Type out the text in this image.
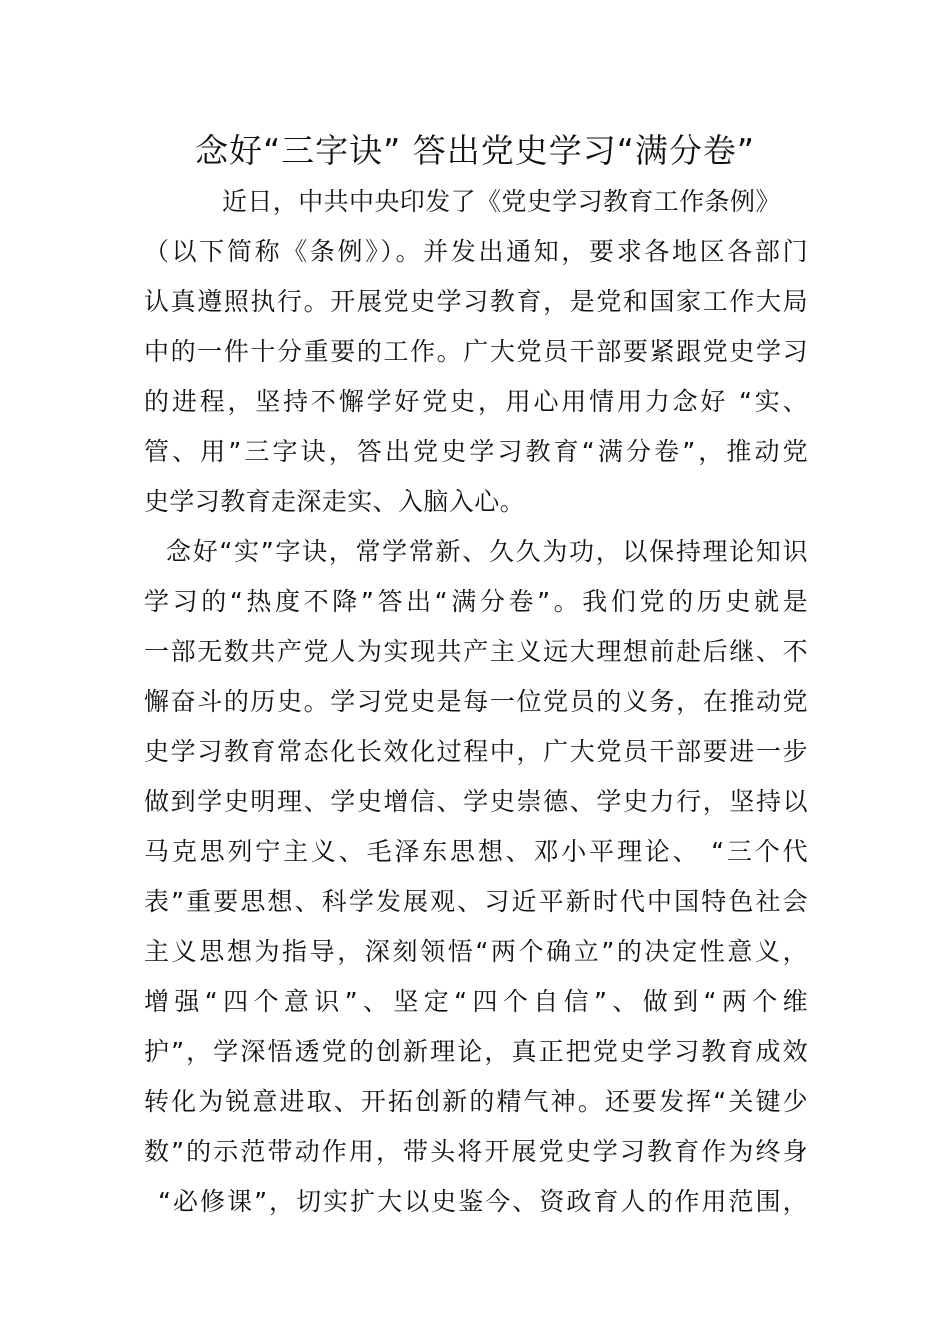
念好“三字诀” 答出党史学习“满分卷”
近日，中共中央印发了《党史学习教育工作条例》
（以下简称《条例》）。并发出通知，要求各地区各部门
认真遵照执行。开展党史学习教育，是党和国家工作大局
中的一件十分重要的工作。广大党员干部要紧跟党史学习
的进程，坚持不懈学好党史，用心用情用力念好 “实、
管、用”三字诀，答出党史学习教育“满分卷”，推动党
史学习教育走深走实、入脑入心。
念好“实”字诀，常学常新、久久为功，以保持理论知识
学习的“热度不降”答出“满分卷”。我们党的历史就是
一部无数共产党人为实现共产主义远大理想前赴后继、不
懈奋斗的历史。学习党史是每一位党员的义务，在推动党
史学习教育常态化长效化过程中，广大党员干部要进一步
做到学史明理、学史增信、学史崇德、学史力行，坚持以
马克思列宁主义、毛泽东思想、邓小平理论、 “三个代
表”重要思想、科学发展观、习近平新时代中国特色社会
主义思想为指导，深刻领悟“两个确立”的决定性意义，
增强“四个意识”、坚定“四个自信”、做到“两个维
护”，学深悟透党的创新理论，真正把党史学习教育成效
转化为锐意进取、开拓创新的精气神。还要发挥“关键少
数”的示范带动作用，带头将开展党史学习教育作为终身
“必修课”，切实扩大以史鉴今、资政育人的作用范围，
